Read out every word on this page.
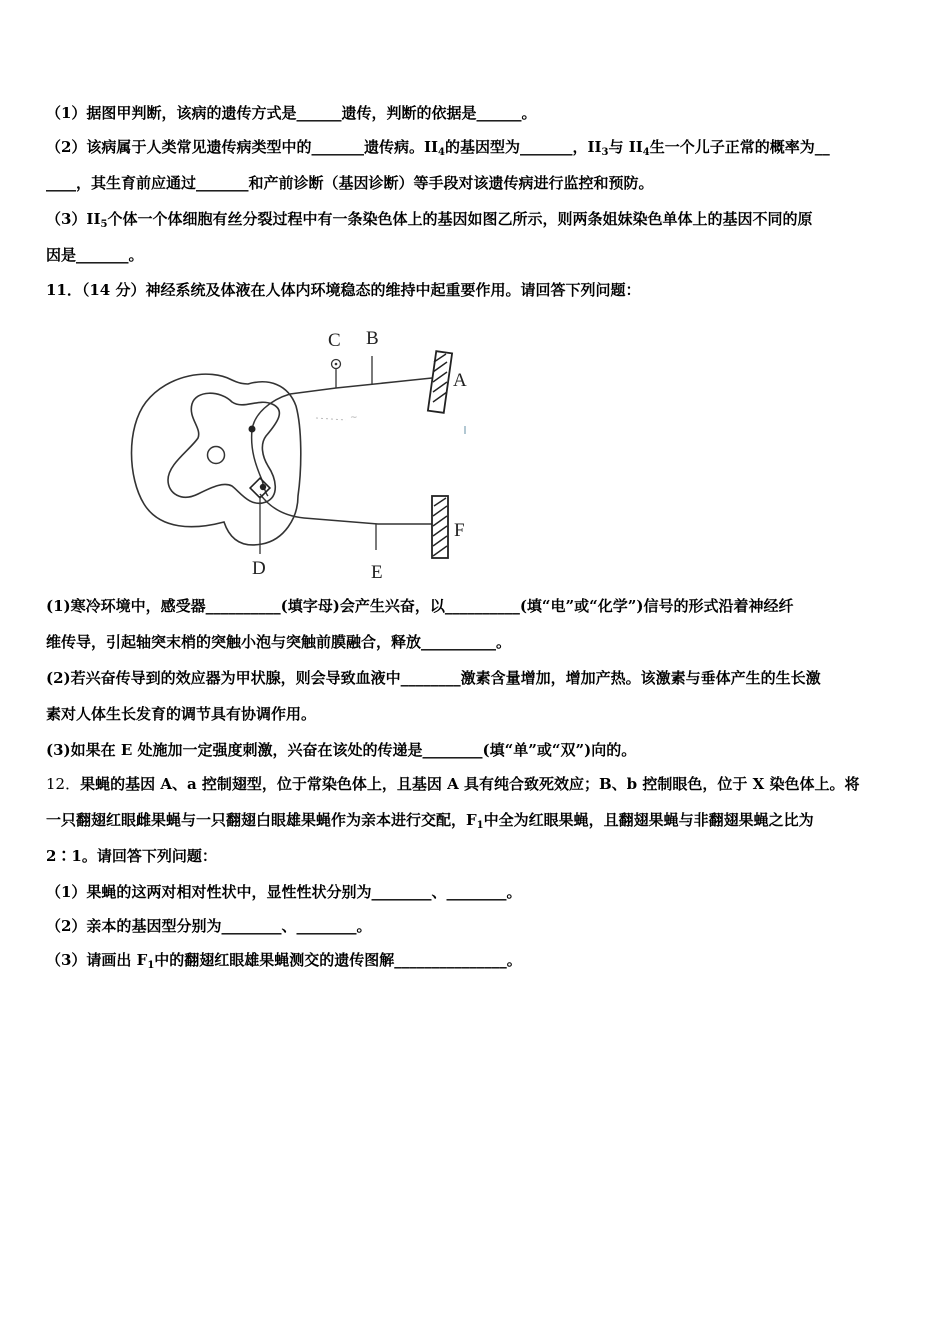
（1）据图甲判断，该病的遗传方式是______遗传，判断的依据是______。
（2）该病属于人类常见遗传病类型中的_______遗传病。$II_4$的基因型为_______，$II_3$与 $II_4$生一个儿子正常的概率为__
____，其生育前应通过_______和产前诊断（基因诊断）等手段对该遗传病进行监控和预防。
$(3)II_5$个体一个体细胞有丝分裂过程中有一条染色体上的基因如图乙所示，则两条姐妹染色单体上的基因不同的原
因是_______。
11．（14 分）神经系统及体液在人体内环境稳态的维持中起重要作用。请回答下列问题：
~
A
B
C
D	E
F
(1)寒冷环境中，感受器__________(填字母)会产生兴奋，以__________(填“电”或“化学”)信号的形式沿着神经纤
维传导，引起轴突末梢的突触小泡与突触前膜融合，释放__________。
(2)若兴奋传导到的效应器为甲状腺，则会导致血液中________激素含量增加，增加产热。该激素与垂体产生的生长激
素对人体生长发育的调节具有协调作用。
(3)如果在 E 处施加一定强度刺激，兴奋在该处的传递是________(填“单”或“双”)向的。
12．果蝇的基因 A、a 控制翅型，位于常染色体上，且基因 A 具有纯合致死效应；B、b 控制眼色，位于 X 染色体上。将
一只翻翅红眼雌果蝇与一只翻翅白眼雄果蝇作为亲本进行交配，$F_1$中全为红眼果蝇，且翻翅果蝇与非翻翅果蝇之比为
2∶1。请回答下列问题：
（1）果蝇的这两对相对性状中，显性性状分别为________、________。
（2）亲本的基因型分别为________、________。
（3）请画出 $F_1$中的翻翅红眼雄果蝇测交的遗传图解_______________。
